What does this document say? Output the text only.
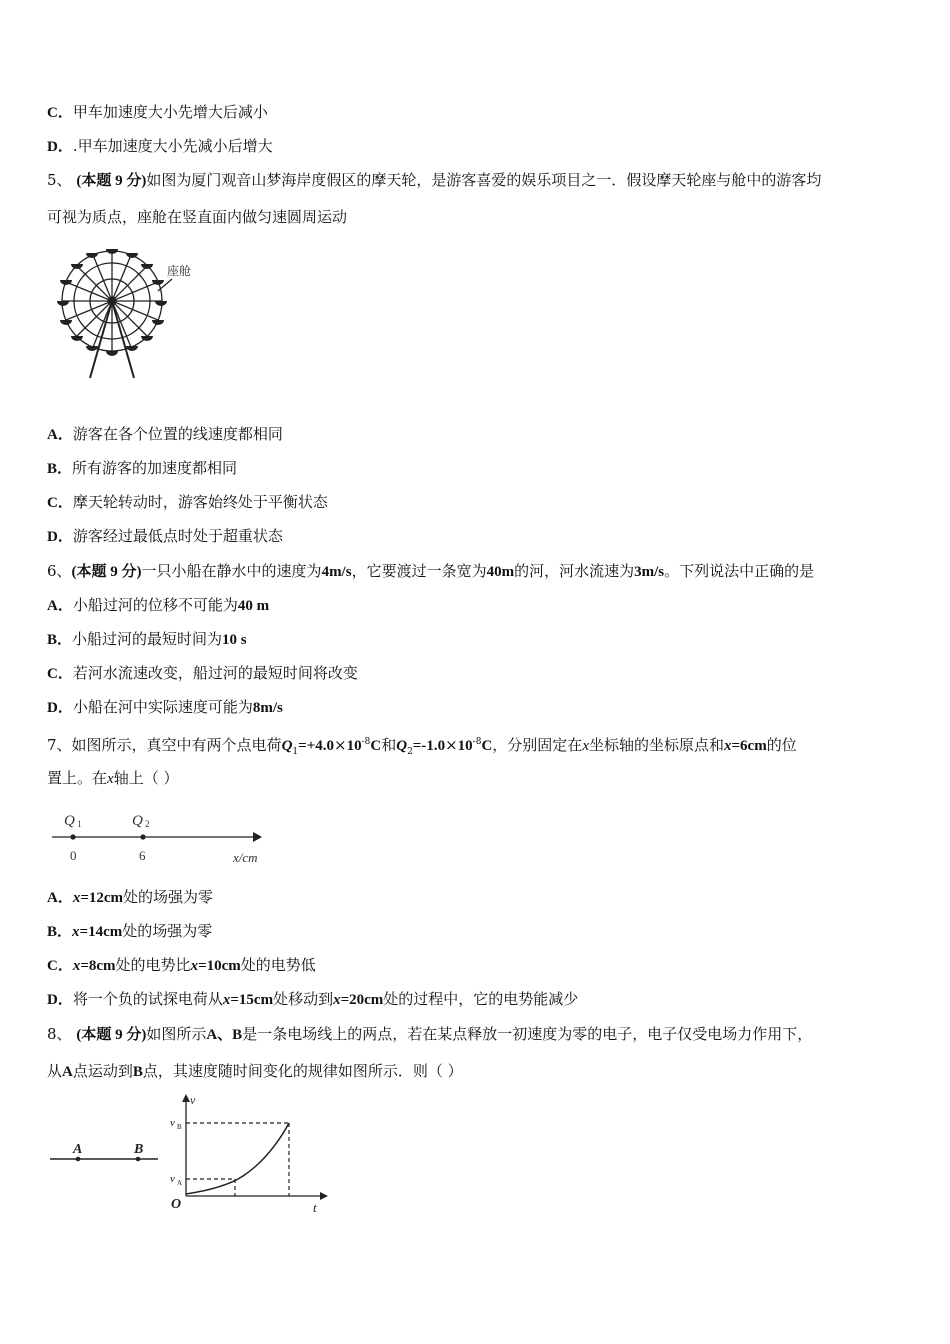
C．甲车加速度大小先增大后减小
D．.甲车加速度大小先减小后增大
5、 (本题 9 分)如图为厦门观音山梦海岸度假区的摩天轮，是游客喜爱的娱乐项目之一．假设摩天轮座与舱中的游客均
可视为质点，座舱在竖直面内做匀速圆周运动
座舱
A．游客在各个位置的线速度都相同
B．所有游客的加速度都相同
C．摩天轮转动时，游客始终处于平衡状态
D．游客经过最低点时处于超重状态
6、(本题 9 分)一只小船在静水中的速度为4m/s，它要渡过一条宽为40m的河，河水流速为3m/s。下列说法中正确的是
A．小船过河的位移不可能为40 m
B．小船过河的最短时间为10 s
C．若河水流速改变，船过河的最短时间将改变
D．小船在河中实际速度可能为8m/s
7、如图所示，真空中有两个点电荷$Q_1=+4.0\times 10^{-8}C$和$Q_2=-1.0\times 10^{-8}C$，分别固定在x坐标轴的坐标原点和x=6cm的位
置上。在x轴上（ ）
Q 1	Q 2
0	6	x/cm
A．x=12cm处的场强为零
B．x=14cm处的场强为零
C．x=8cm处的电势比x=10cm处的电势低
D．将一个负的试探电荷从x=15cm处移动到x=20cm处的过程中，它的电势能减少
8、 (本题 9 分)如图所示A、B是一条电场线上的两点，若在某点释放一初速度为零的电子，电子仅受电场力作用下，
从A点运动到B点，其速度随时间变化的规律如图所示．则（ ）
A	B
v
t
O
v B
v A
